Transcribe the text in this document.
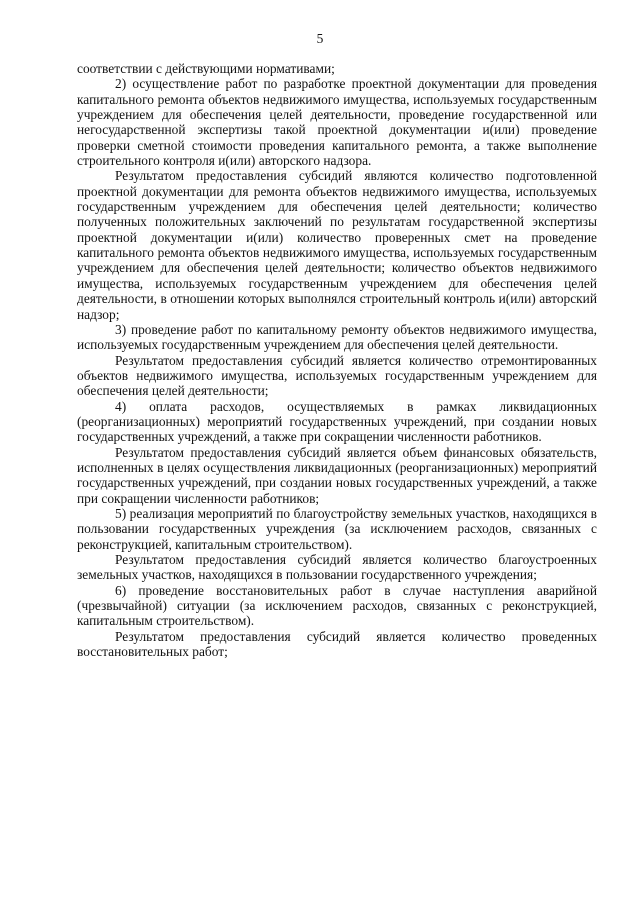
5

соответствии с действующими нормативами;

2) осуществление работ по разработке проектной документации для проведения капитального ремонта объектов недвижимого имущества, используемых государственным учреждением для обеспечения целей деятельности, проведение государственной или негосударственной экспертизы такой проектной документации и(или) проведение проверки сметной стоимости проведения капитального ремонта, а также выполнение строительного контроля и(или) авторского надзора.

Результатом предоставления субсидий являются количество подготовленной проектной документации для ремонта объектов недвижимого имущества, используемых государственным учреждением для обеспечения целей деятельности; количество полученных положительных заключений по результатам государственной экспертизы проектной документации и(или) количество проверенных смет на проведение капитального ремонта объектов недвижимого имущества, используемых государственным учреждением для обеспечения целей деятельности; количество объектов недвижимого имущества, используемых государственным учреждением для обеспечения целей деятельности, в отношении которых выполнялся строительный контроль и(или) авторский надзор;

3) проведение работ по капитальному ремонту объектов недвижимого имущества, используемых государственным учреждением для обеспечения целей деятельности.

Результатом предоставления субсидий является количество отремонтированных объектов недвижимого имущества, используемых государственным учреждением для обеспечения целей деятельности;

4) оплата расходов, осуществляемых в рамках ликвидационных (реорганизационных) мероприятий государственных учреждений, при создании новых государственных учреждений, а также при сокращении численности работников.

Результатом предоставления субсидий является объем финансовых обязательств, исполненных в целях осуществления ликвидационных (реорганизационных) мероприятий государственных учреждений, при создании новых государственных учреждений, а также при сокращении численности работников;

5) реализация мероприятий по благоустройству земельных участков, находящихся в пользовании государственных учреждения (за исключением расходов, связанных с реконструкцией, капитальным строительством).

Результатом предоставления субсидий является количество благоустроенных земельных участков, находящихся в пользовании государственного учреждения;

6) проведение восстановительных работ в случае наступления аварийной (чрезвычайной) ситуации (за исключением расходов, связанных с реконструкцией, капитальным строительством).

Результатом предоставления субсидий является количество проведенных восстановительных работ;
